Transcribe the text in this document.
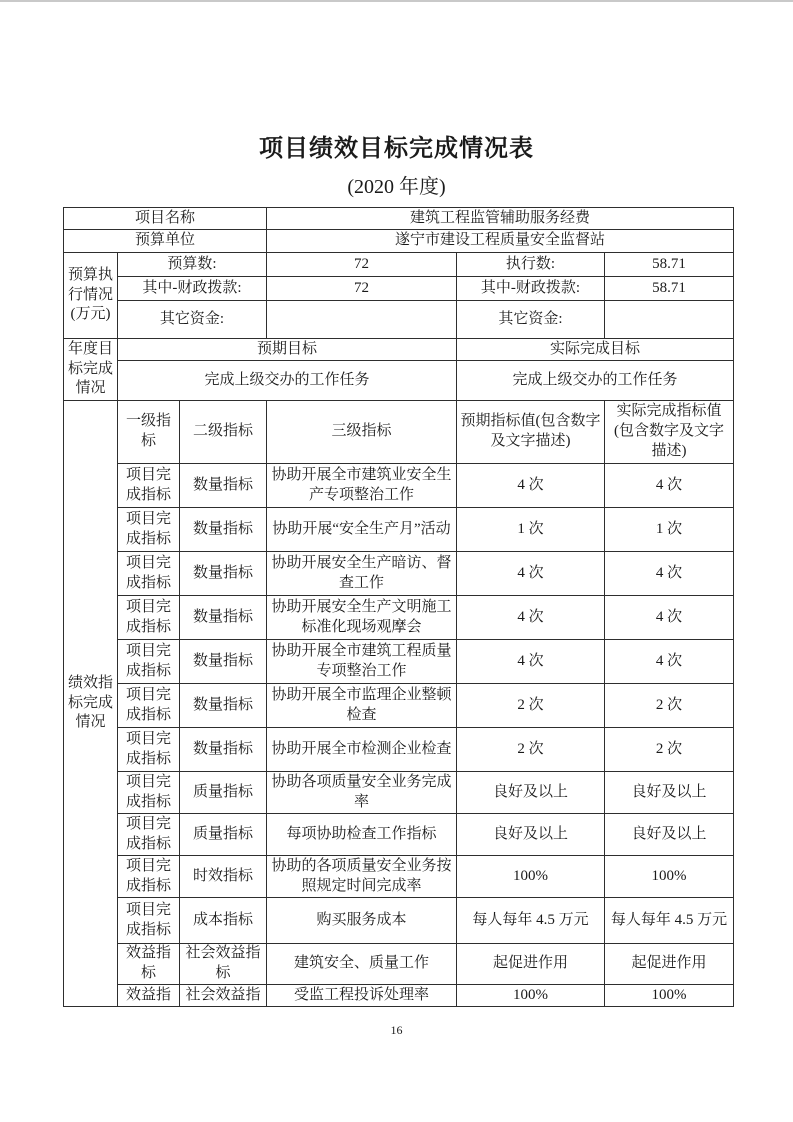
项目绩效目标完成情况表
(2020 年度)
项目名称			建筑工程监管辅助服务经费		
预算单位			遂宁市建设工程质量安全监督站		
预算执行情况(万元)	预算数:		72	执行数:	58.71
	其中-财政拨款:		72	其中-财政拨款:	58.71
	其它资金:			其它资金:	
年度目标完成情况	预期目标			实际完成目标	
	完成上级交办的工作任务			完成上级交办的工作任务	
绩效指标完成情况	一级指标	二级指标	三级指标	预期指标值(包含数字及文字描述)	实际完成指标值(包含数字及文字描述)
	项目完成指标	数量指标	协助开展全市建筑业安全生产专项整治工作	4 次	4 次
	项目完成指标	数量指标	协助开展“安全生产月”活动	1 次	1 次
	项目完成指标	数量指标	协助开展安全生产暗访、督查工作	4 次	4 次
	项目完成指标	数量指标	协助开展安全生产文明施工标准化现场观摩会	4 次	4 次
	项目完成指标	数量指标	协助开展全市建筑工程质量专项整治工作	4 次	4 次
	项目完成指标	数量指标	协助开展全市监理企业整顿检查	2 次	2 次
	项目完成指标	数量指标	协助开展全市检测企业检查	2 次	2 次
	项目完成指标	质量指标	协助各项质量安全业务完成率	良好及以上	良好及以上
	项目完成指标	质量指标	每项协助检查工作指标	良好及以上	良好及以上
	项目完成指标	时效指标	协助的各项质量安全业务按照规定时间完成率	100%	100%
	项目完成指标	成本指标	购买服务成本	每人每年 4.5 万元	每人每年 4.5 万元
	效益指标	社会效益指标	建筑安全、质量工作	起促进作用	起促进作用
	效益指	社会效益指	受监工程投诉处理率	100%	100%
16
